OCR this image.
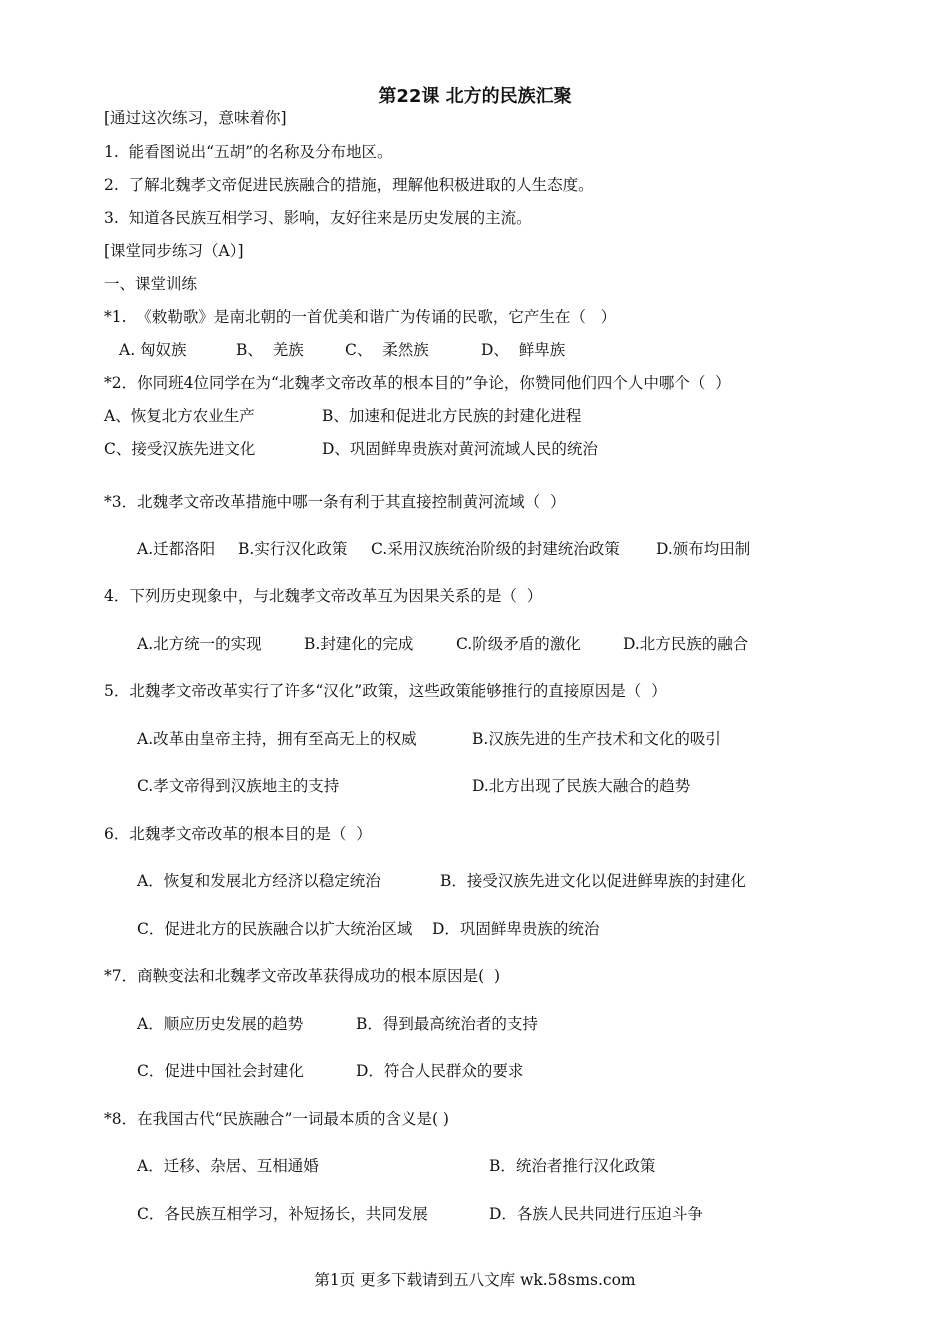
第22课 北方的民族汇聚
[通过这次练习，意味着你]
1.  能看图说出“五胡”的名称及分布地区。
2.  了解北魏孝文帝促进民族融合的措施，理解他积极进取的人生态度。
3.  知道各民族互相学习、影响，友好往来是历史发展的主流。
[课堂同步练习（A）]
一、课堂训练
*1.  《敕勒歌》是南北朝的一首优美和谐广为传诵的民歌，它产生在（   ）
A. 匈奴族	B、  羌族	C、  柔然族	D、  鲜卑族
*2．你同班4位同学在为“北魏孝文帝改革的根本目的”争论，你赞同他们四个人中哪个（  ）
A、恢复北方农业生产	B、加速和促进北方民族的封建化进程
C、接受汉族先进文化	D、巩固鲜卑贵族对黄河流域人民的统治
*3．北魏孝文帝改革措施中哪一条有利于其直接控制黄河流域（  ）
A.迁都洛阳 B.实行汉化政策 C.采用汉族统治阶级的封建统治政策 D.颁布均田制
4．下列历史现象中，与北魏孝文帝改革互为因果关系的是（  ）
A.北方统一的实现	B.封建化的完成	C.阶级矛盾的激化	D.北方民族的融合
5．北魏孝文帝改革实行了许多“汉化”政策，这些政策能够推行的直接原因是（  ）
A.改革由皇帝主持，拥有至高无上的权威	B.汉族先进的生产技术和文化的吸引
C.孝文帝得到汉族地主的支持	D.北方出现了民族大融合的趋势
6．北魏孝文帝改革的根本目的是（  ）
A．恢复和发展北方经济以稳定统治	B．接受汉族先进文化以促进鲜卑族的封建化
C．促进北方的民族融合以扩大统治区域 D．巩固鲜卑贵族的统治
*7．商鞅变法和北魏孝文帝改革获得成功的根本原因是(  )
A．顺应历史发展的趋势	B．得到最高统治者的支持
C．促进中国社会封建化	D．符合人民群众的要求
*8．在我国古代“民族融合”一词最本质的含义是( )
A．迁移、杂居、互相通婚	B．统治者推行汉化政策
C．各民族互相学习，补短扬长，共同发展	D．各族人民共同进行压迫斗争
第1页 更多下载请到五八文库 wk.58sms.com
